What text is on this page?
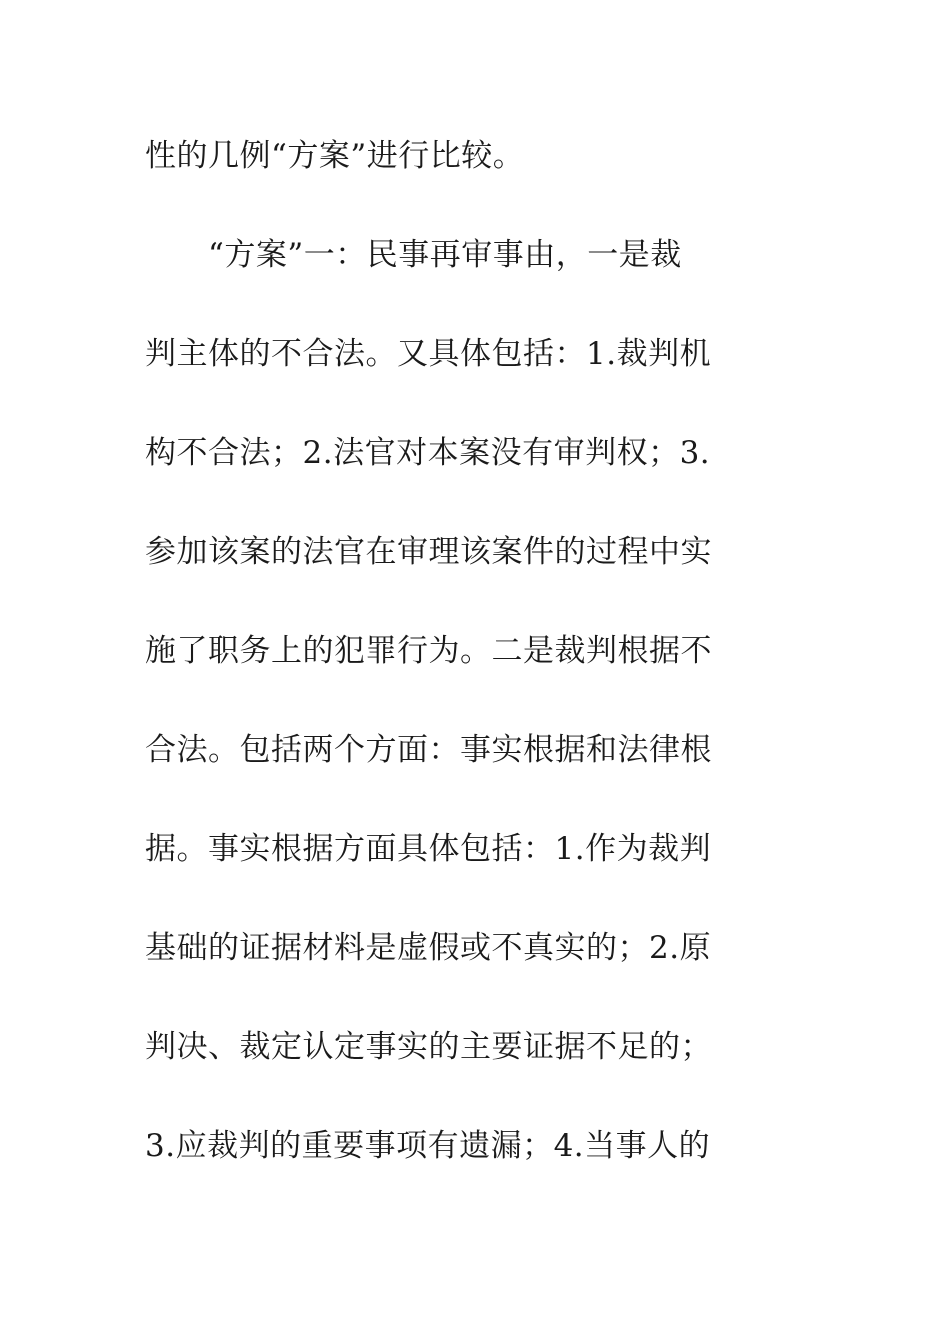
性的几例“方案”进行比较。
　　“方案”一：民事再审事由，一是裁
判主体的不合法。又具体包括：1.裁判机
构不合法；2.法官对本案没有审判权；3.
参加该案的法官在审理该案件的过程中实
施了职务上的犯罪行为。二是裁判根据不
合法。包括两个方面：事实根据和法律根
据。事实根据方面具体包括：1.作为裁判
基础的证据材料是虚假或不真实的；2.原
判决、裁定认定事实的主要证据不足的；
3.应裁判的重要事项有遗漏；4.当事人的
